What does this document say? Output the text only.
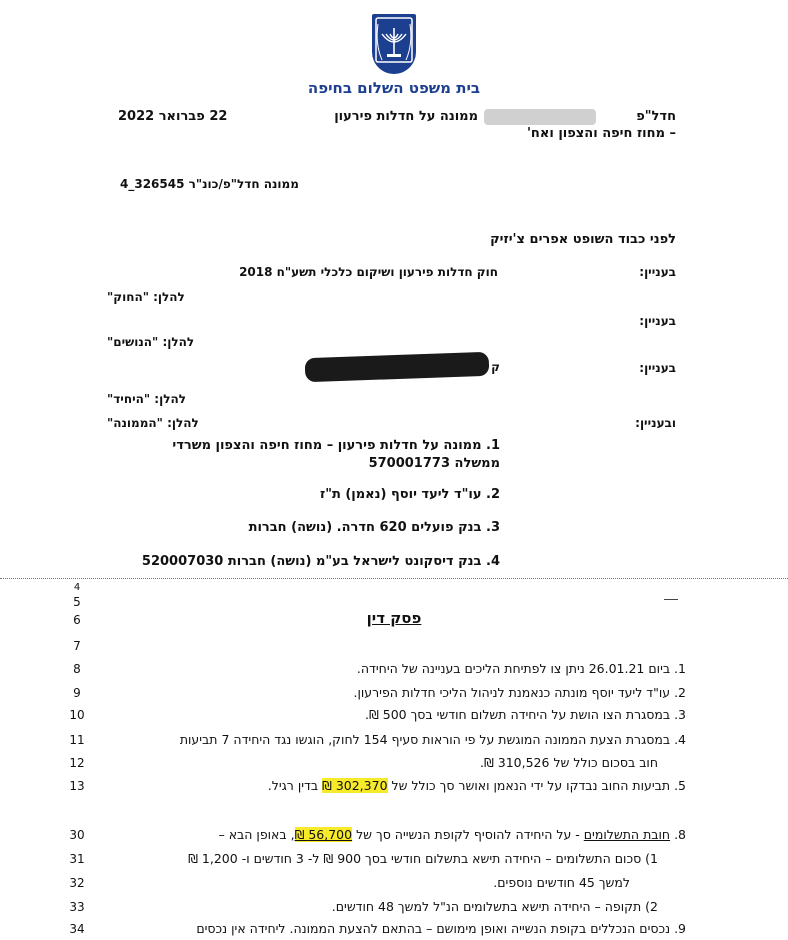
בית משפט השלום בחיפה
חדל"פ
ממונה על חדלות פירעון
– מחוז חיפה והצפון ואח'
22 פברואר 2022
ממונה חדל"פ/כונ"ר 326545_4
לפני כבוד השופט אפרים צ'יזיק
בעניין:
חוק חדלות פירעון ושיקום כלכלי תשע"ח 2018
להלן: "החוק"
בעניין:
להלן: "הנושים"
בעניין:
ק
להלן: "היחיד"
ובעניין:
להלן: "הממונה"
1. ממונה על חדלות פירעון – מחוז חיפה והצפון משרדי
ממשלה 570001773
2. עו"ד ליעד יוסף (נאמן) ת"ז
3. בנק פועלים 620 חדרה. (נושה) חברות
4. בנק דיסקונט לישראל בע"מ (נושה) חברות 520007030
4
5
6
7
8
9
10
11
12
13
30
31
32
33
34
פסק דין
1. ביום 26.01.21 ניתן צו לפתיחת הליכים בעניינה של היחידה.
2. עו"ד ליעד יוסף מונתה כנאמנת לניהול הליכי חדלות הפירעון.
3. במסגרת הצו הושת על היחידה תשלום חודשי בסך 500 ₪.
4. במסגרת הצעת הממונה המוגשת על פי הוראות סעיף 154 לחוק, הוגשו נגד היחידה 7 תביעות
חוב בסכום כולל של 310,526 ₪.
5. תביעות החוב נבדקו על ידי הנאמן ואושר סך כולל של 302,370 ₪ בדין רגיל.
8. חובת התשלומים - על היחידה להוסיף לקופת הנשייה סך של 56,700 ₪, באופן הבא –
1) סכום התשלומים – היחידה תישא בתשלום חודשי בסך 900 ₪ ל- 3 חודשים ו- 1,200 ₪
למשך 45 חודשים נוספים.
2) תקופה – היחידה תישא בתשלומים הנ"ל למשך 48 חודשים.
9. נכסים הנכללים בקופת הנשייה ואופן מימושם – בהתאם להצעת הממונה. ליחידה אין נכסים
